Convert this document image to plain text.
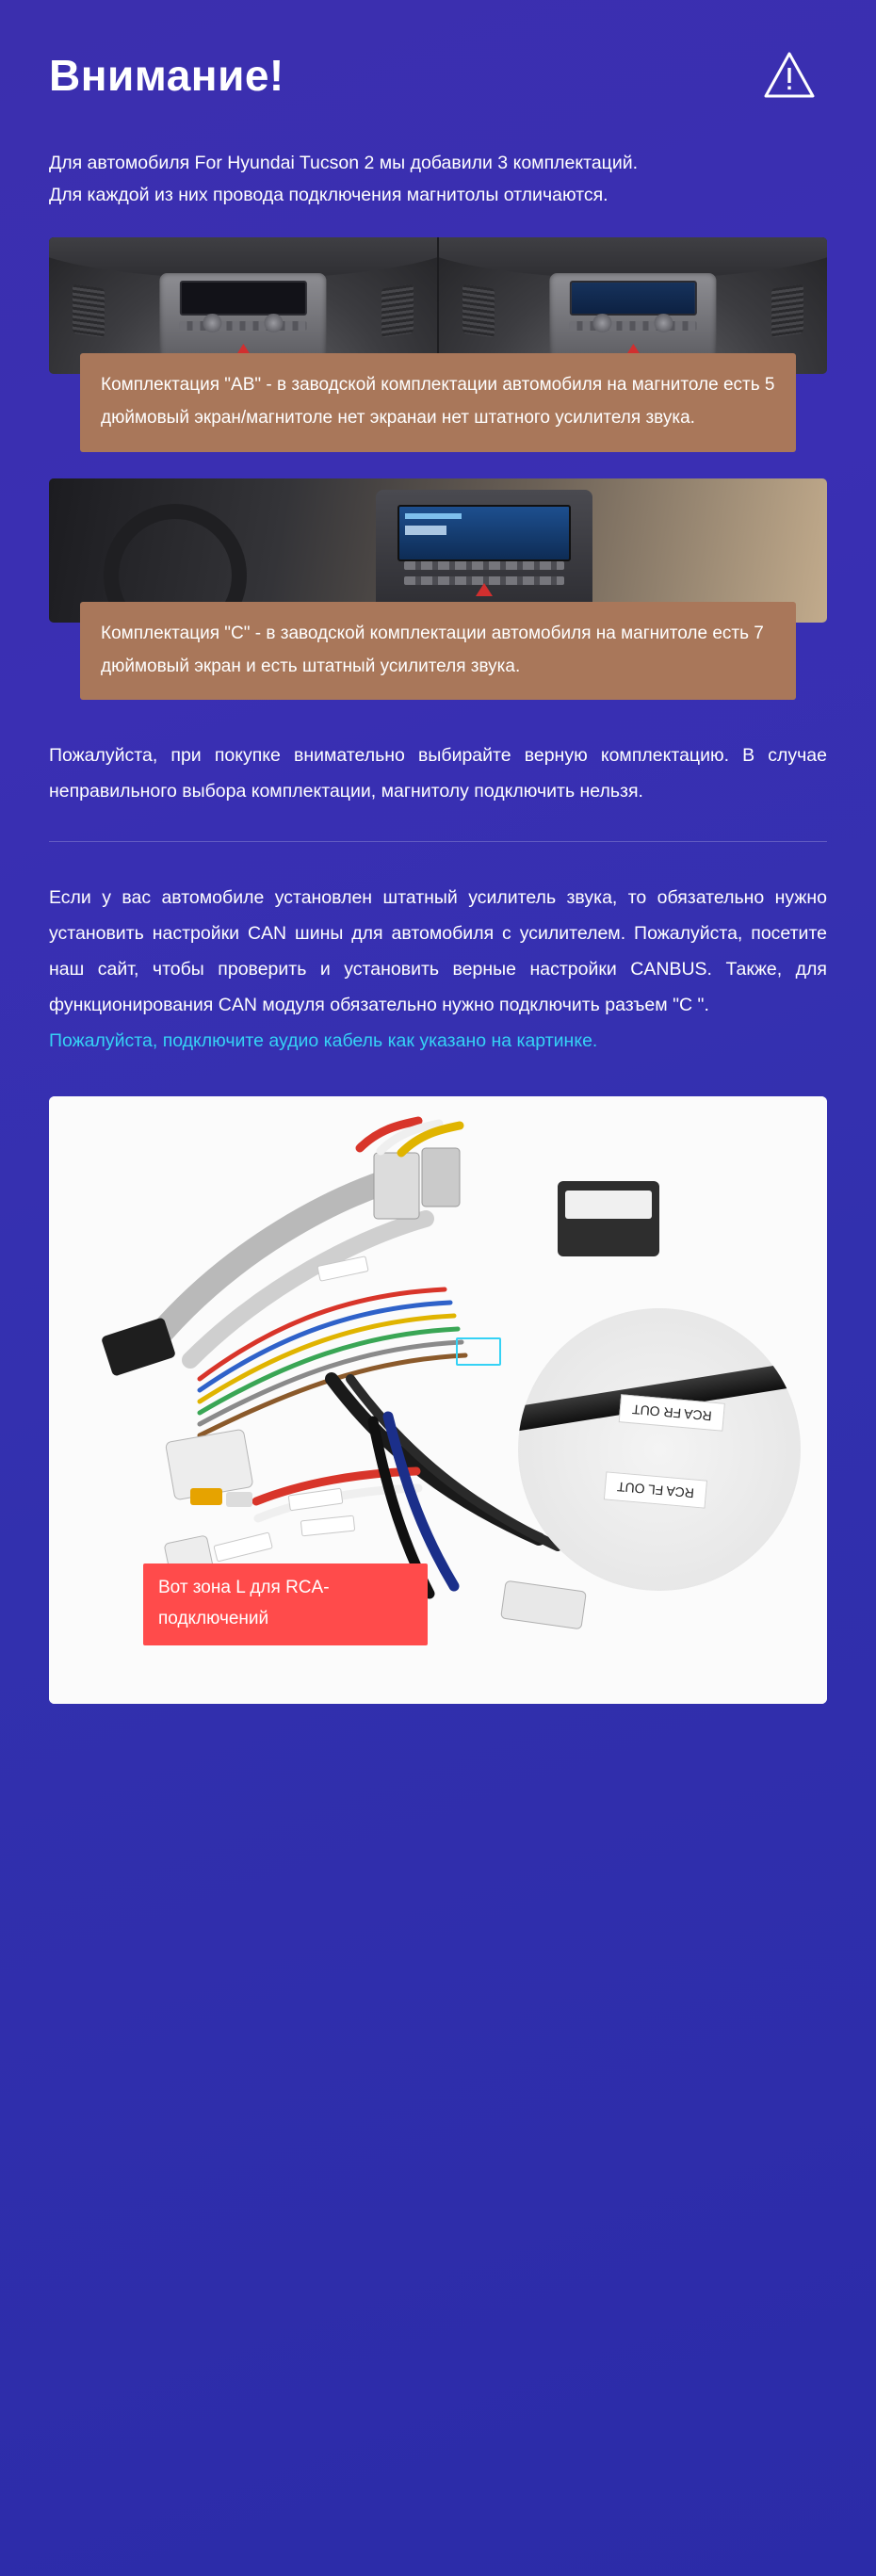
Внимание!

Для автомобиля For Hyundai Tucson 2 мы добавили 3 комплектаций.

Для каждой из них провода подключения магнитолы отличаются.

Комплектация "AB" - в заводской комплектации автомобиля на магнитоле есть 5 дюймовый экран/магнитоле нет экранаи нет штатного усилителя звука.
Комплектация "C" - в заводской комплектации автомобиля на магнитоле есть 7 дюймовый экран и есть штатный усилителя звука.
Пожалуйста, при покупке внимательно выбирайте верную комплектацию. В случае неправильного выбора комплектации, магнитолу подключить нельзя.
Если у вас автомобиле установлен штатный усилитель звука, то обязательно нужно установить настройки CAN шины для автомобиля с усилителем. Пожалуйста, посетите наш сайт, чтобы проверить и установить верные настройки CANBUS. Также, для функционирования CAN модуля обязательно нужно подключить разъем "C ".
Пожалуйста, подключите аудио кабель как указано на картинке.
RCA FR OUT
RCA FL OUT
Вот зона L для RCA-подключений
